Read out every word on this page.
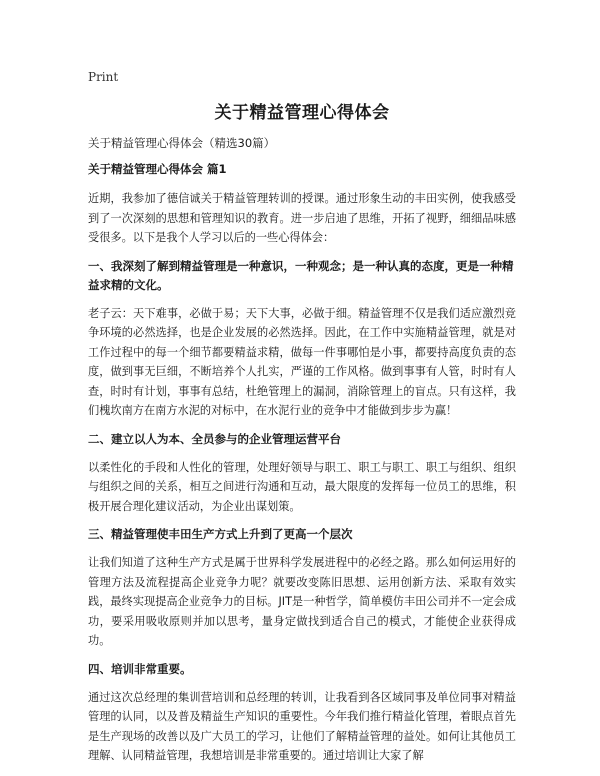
Print
关于精益管理心得体会

关于精益管理心得体会（精选30篇）

关于精益管理心得体会 篇1

近期，我参加了德信诚关于精益管理转训的授课。通过形象生动的丰田实例，使我感受到了一次深刻的思想和管理知识的教育。进一步启迪了思维，开拓了视野，细细品味感受很多。以下是我个人学习以后的一些心得体会：

一、我深刻了解到精益管理是一种意识，一种观念；是一种认真的态度，更是一种精益求精的文化。

老子云：天下难事，必做于易；天下大事，必做于细。精益管理不仅是我们适应激烈竞争环境的必然选择，也是企业发展的必然选择。因此，在工作中实施精益管理，就是对工作过程中的每一个细节都要精益求精，做每一件事哪怕是小事，都要持高度负责的态度，做到事无巨细，不断培养个人扎实，严谨的工作风格。做到事事有人管，时时有人查，时时有计划，事事有总结，杜绝管理上的漏洞，消除管理上的盲点。只有这样，我们槐坎南方在南方水泥的对标中，在水泥行业的竞争中才能做到步步为赢！

二、建立以人为本、全员参与的企业管理运营平台

以柔性化的手段和人性化的管理，处理好领导与职工、职工与职工、职工与组织、组织与组织之间的关系，相互之间进行沟通和互动，最大限度的发挥每一位员工的思维，积极开展合理化建议活动，为企业出谋划策。

三、精益管理使丰田生产方式上升到了更高一个层次

让我们知道了这种生产方式是属于世界科学发展进程中的必经之路。那么如何运用好的管理方法及流程提高企业竞争力呢？就要改变陈旧思想、运用创新方法、采取有效实践，最终实现提高企业竞争力的目标。JIT是一种哲学，简单模仿丰田公司并不一定会成功，要采用吸收原则并加以思考，量身定做找到适合自己的模式，才能使企业获得成功。

四、培训非常重要。

通过这次总经理的集训营培训和总经理的转训，让我看到各区域同事及单位同事对精益管理的认同，以及普及精益生产知识的重要性。今年我们推行精益化管理，着眼点首先是生产现场的改善以及广大员工的学习，让他们了解精益管理的益处。如何让其他员工理解、认同精益管理，我想培训是非常重要的。通过培训让大家了解
